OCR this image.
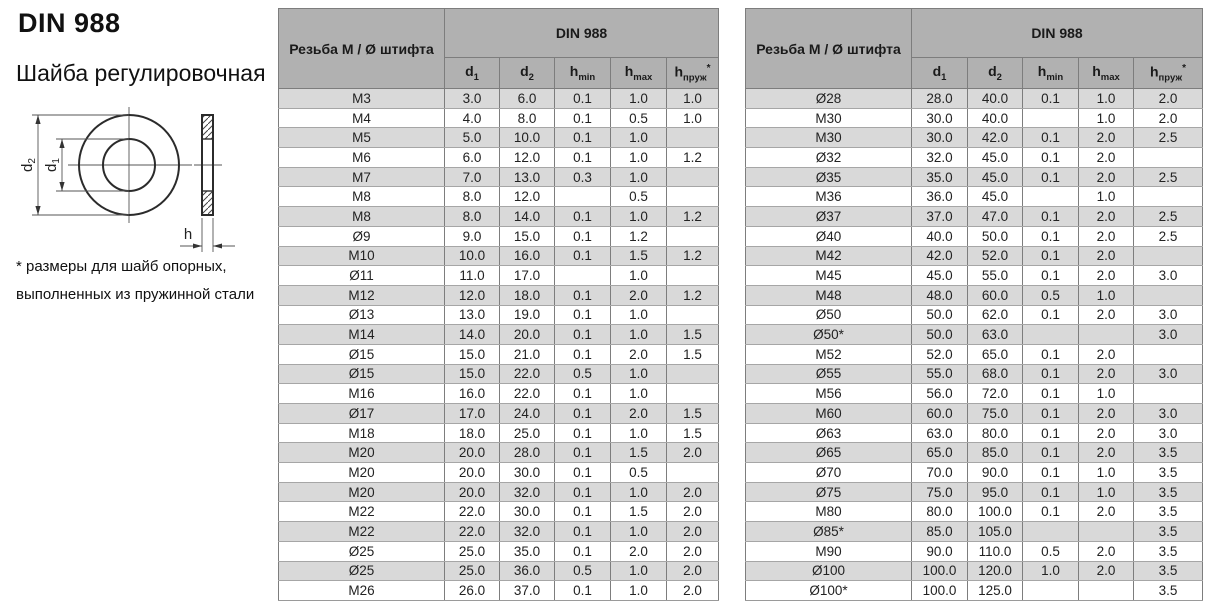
DIN 988
Шайба регулировочная
$d_2$
$d_1$
h
* размеры для шайб опорных,
выполненных из пружинной стали
Резьба М / Ø штифта	DIN 988				
	$d_1$	$d_2$	$h_{min}$	$h_{max}$	$h_{пруж}^*$
M3	3.0	6.0	0.1	1.0	1.0
M4	4.0	8.0	0.1	0.5	1.0
M5	5.0	10.0	0.1	1.0	
M6	6.0	12.0	0.1	1.0	1.2
M7	7.0	13.0	0.3	1.0	
M8	8.0	12.0		0.5	
M8	8.0	14.0	0.1	1.0	1.2
Ø9	9.0	15.0	0.1	1.2	
M10	10.0	16.0	0.1	1.5	1.2
Ø11	11.0	17.0		1.0	
M12	12.0	18.0	0.1	2.0	1.2
Ø13	13.0	19.0	0.1	1.0	
M14	14.0	20.0	0.1	1.0	1.5
Ø15	15.0	21.0	0.1	2.0	1.5
Ø15	15.0	22.0	0.5	1.0	
M16	16.0	22.0	0.1	1.0	
Ø17	17.0	24.0	0.1	2.0	1.5
M18	18.0	25.0	0.1	1.0	1.5
M20	20.0	28.0	0.1	1.5	2.0
M20	20.0	30.0	0.1	0.5	
M20	20.0	32.0	0.1	1.0	2.0
M22	22.0	30.0	0.1	1.5	2.0
M22	22.0	32.0	0.1	1.0	2.0
Ø25	25.0	35.0	0.1	2.0	2.0
Ø25	25.0	36.0	0.5	1.0	2.0
M26	26.0	37.0	0.1	1.0	2.0
Резьба М / Ø штифта	DIN 988				
	$d_1$	$d_2$	$h_{min}$	$h_{max}$	$h_{пруж}^*$
Ø28	28.0	40.0	0.1	1.0	2.0
M30	30.0	40.0		1.0	2.0
M30	30.0	42.0	0.1	2.0	2.5
Ø32	32.0	45.0	0.1	2.0	
Ø35	35.0	45.0	0.1	2.0	2.5
M36	36.0	45.0		1.0	
Ø37	37.0	47.0	0.1	2.0	2.5
Ø40	40.0	50.0	0.1	2.0	2.5
M42	42.0	52.0	0.1	2.0	
M45	45.0	55.0	0.1	2.0	3.0
M48	48.0	60.0	0.5	1.0	
Ø50	50.0	62.0	0.1	2.0	3.0
Ø50*	50.0	63.0			3.0
M52	52.0	65.0	0.1	2.0	
Ø55	55.0	68.0	0.1	2.0	3.0
M56	56.0	72.0	0.1	1.0	
M60	60.0	75.0	0.1	2.0	3.0
Ø63	63.0	80.0	0.1	2.0	3.0
Ø65	65.0	85.0	0.1	2.0	3.5
Ø70	70.0	90.0	0.1	1.0	3.5
Ø75	75.0	95.0	0.1	1.0	3.5
M80	80.0	100.0	0.1	2.0	3.5
Ø85*	85.0	105.0			3.5
M90	90.0	110.0	0.5	2.0	3.5
Ø100	100.0	120.0	1.0	2.0	3.5
Ø100*	100.0	125.0			3.5
